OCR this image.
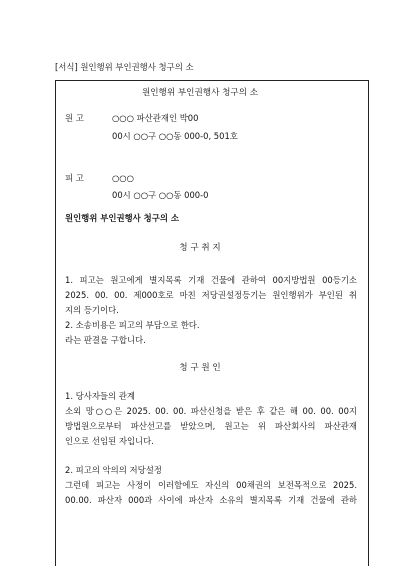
[서식] 원인행위 부인권행사 청구의 소
원인행위 부인권행사 청구의 소
원 고	○○○ 파산관재인 박00
00시 ○○구 ○○동 000-0, 501호
피 고	○○○
00시 ○○구 ○○동 000-0
원인행위 부인권행사 청구의 소
청 구 취 지
1. 피고는 원고에게 별지목록 기재 건물에 관하여 00지방법원 00등기소
2025. 00. 00. 제000호로 마친 저당권설정등기는 원인행위가 부인된 취
지의 등기이다.
2. 소송비용은 피고의 부담으로 한다.
라는 판결을 구합니다.
청 구 원 인
1. 당사자들의 관계
소외 망○○은 2025. 00. 00. 파산신청을 받은 후 같은 해 00. 00. 00지
방법원으로부터 파산선고를 받았으며, 원고는 위 파산회사의 파산관재
인으로 선임된 자입니다.
2. 피고의 악의의 저당설정
그런데 피고는 사정이 이러함에도 자신의 00채권의 보전목적으로 2025.
00.00. 파산자 000과 사이에 파산자 소유의 별지목록 기재 건물에 관하
